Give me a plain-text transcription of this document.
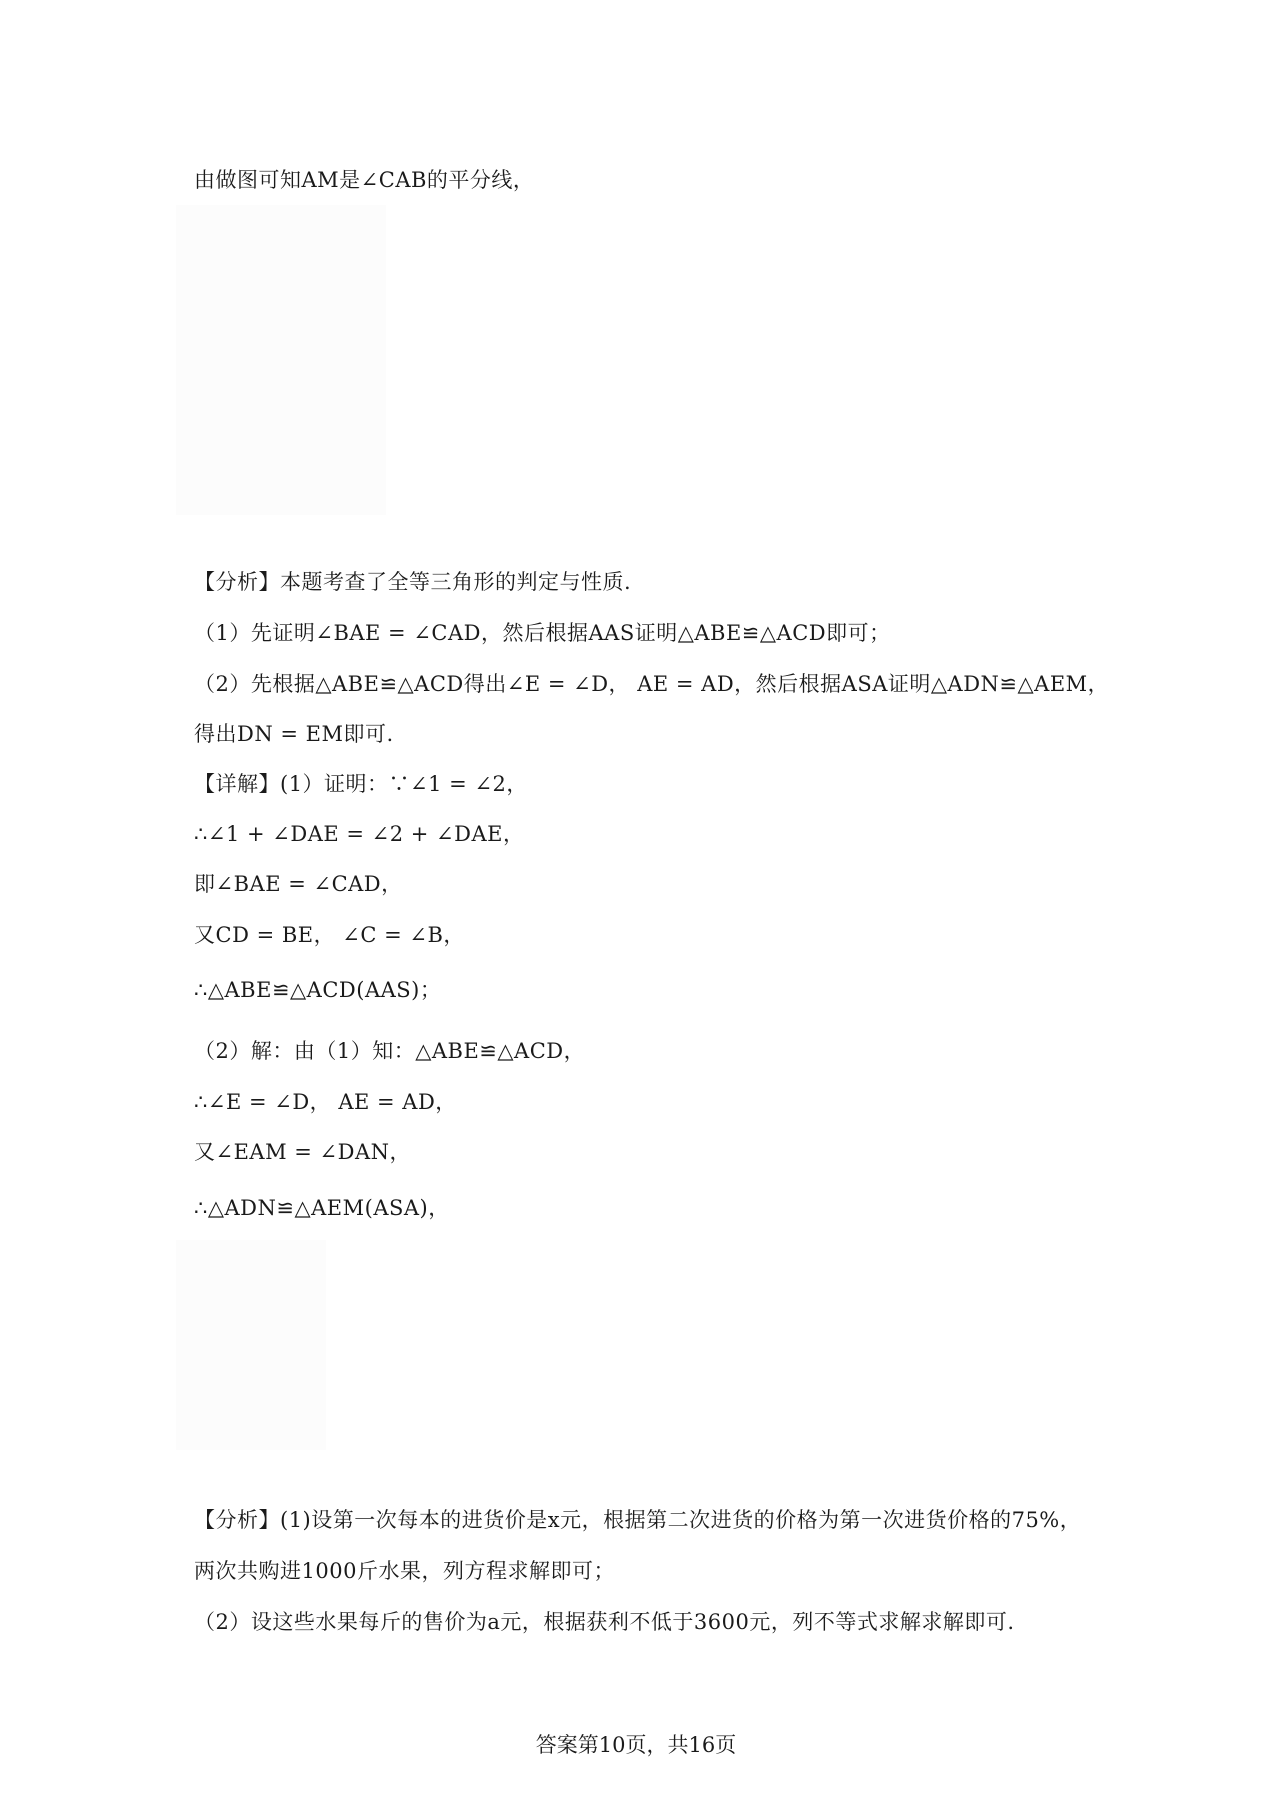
由做图可知AM是∠CAB的平分线，
【分析】本题考查了全等三角形的判定与性质.
（1）先证明∠BAE = ∠CAD，然后根据AAS证明△ABE≌△ACD即可；
（2）先根据△ABE≌△ACD得出∠E = ∠D， AE = AD，然后根据ASA证明△ADN≌△AEM，
得出DN = EM即可.
【详解】(1）证明：∵∠1 = ∠2，
∴∠1 + ∠DAE = ∠2 + ∠DAE，
即∠BAE = ∠CAD，
又CD = BE， ∠C = ∠B，
∴△ABE≌△ACD(AAS)；
（2）解：由（1）知：△ABE≌△ACD，
∴∠E = ∠D， AE = AD，
又∠EAM = ∠DAN，
∴△ADN≌△AEM(ASA)，
【分析】(1)设第一次每本的进货价是x元，根据第二次进货的价格为第一次进货价格的75%，
两次共购进1000斤水果，列方程求解即可；
（2）设这些水果每斤的售价为a元，根据获利不低于3600元，列不等式求解求解即可.
答案第10页，共16页
